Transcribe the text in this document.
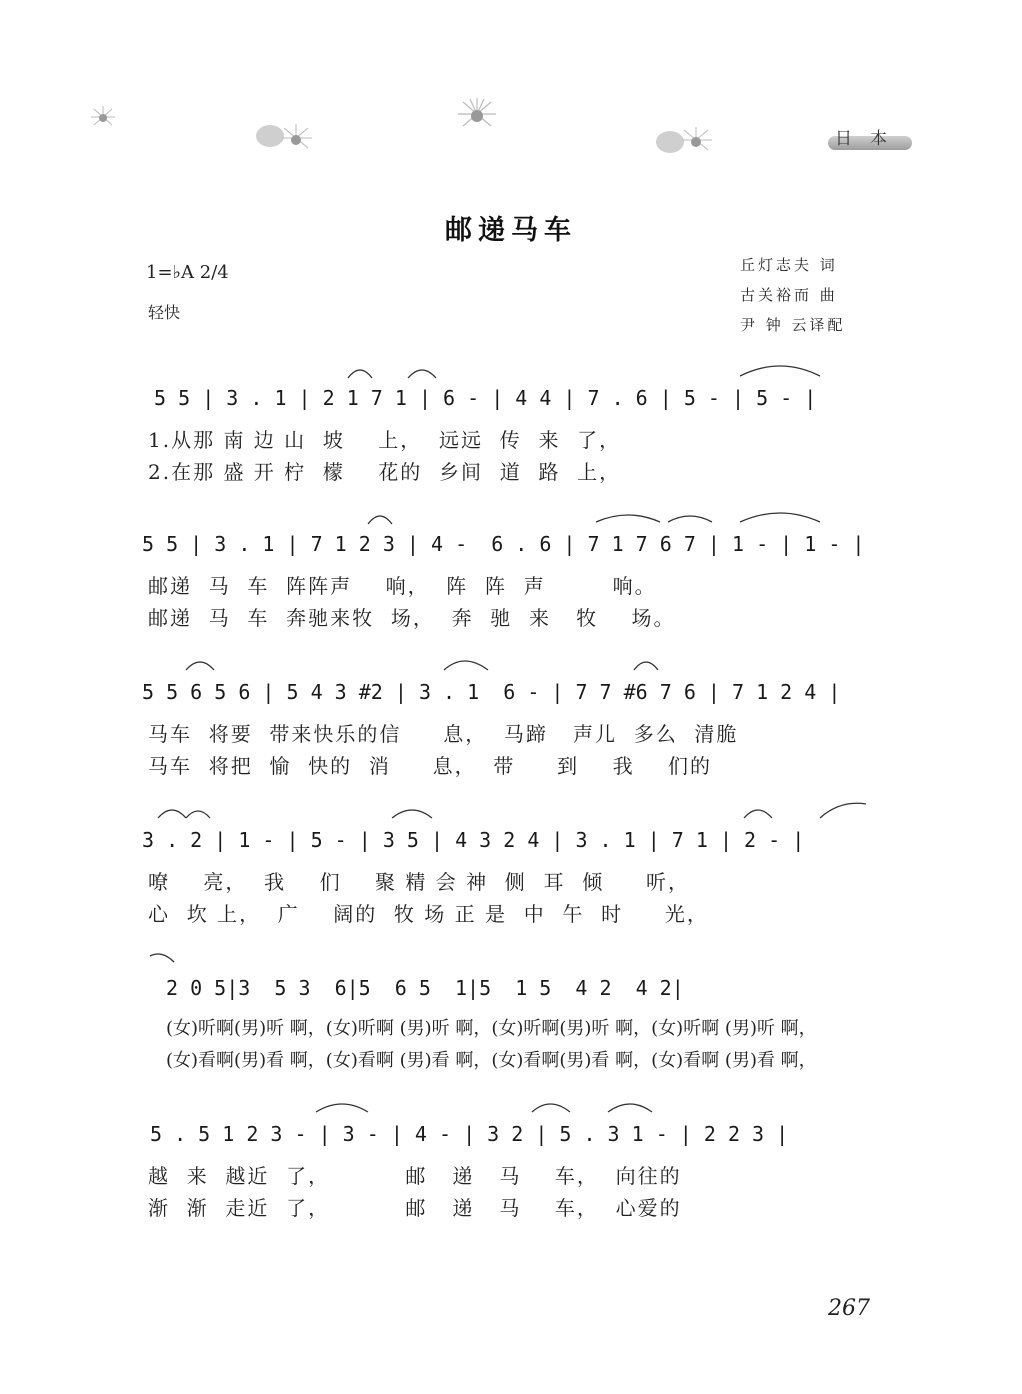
日本
邮递马车
1=♭A 2/4
轻快
丘灯志夫 词
古关裕而 曲
尹 钟 云译配
5 5 | 3 . 1 | 2 1 7 1 | 6 - | 4 4 | 7 . 6 | 5 - | 5 - |
1.从那 南 边 山  坡    上，  远远  传  来  了，
2.在那 盛 开 柠  檬    花的  乡间  道  路  上，
5 5 | 3 . 1 | 7 1 2 3 | 4 -  6 . 6 | 7 1 7 6 7 | 1 - | 1 - |
邮递  马  车  阵阵声    响，  阵  阵  声        响。
邮递  马  车  奔驰来牧  场，  奔  驰  来   牧    场。
5 5 6 5 6 | 5 4 3 #2 | 3 . 1  6 - | 7 7 #6 7 6 | 7 1 2 4 |
马车  将要  带来快乐的信     息，  马蹄   声儿  多么  清脆
马车  将把  愉  快的  消     息，  带     到    我    们的
3 . 2 | 1 - | 5 - | 3 5 | 4 3 2 4 | 3 . 1 | 7 1 | 2 - |
嘹    亮，  我    们    聚 精 会 神  侧  耳  倾     听，
心  坎 上，  广    阔的  牧 场 正 是  中  午  时     光，
2 0 5|3  5 3  6|5  6 5  1|5  1 5  4 2  4 2|
(女)听啊(男)听 啊，(女)听啊 (男)听 啊，(女)听啊(男)听 啊，(女)听啊 (男)听 啊，
(女)看啊(男)看 啊，(女)看啊 (男)看 啊，(女)看啊(男)看 啊，(女)看啊 (男)看 啊，
5 . 5 1 2 3 - | 3 - | 4 - | 3 2 | 5 . 3 1 - | 2 2 3 |
越  来  越近  了，         邮   递   马    车，  向往的
渐  渐  走近  了，         邮   递   马    车，  心爱的
267
